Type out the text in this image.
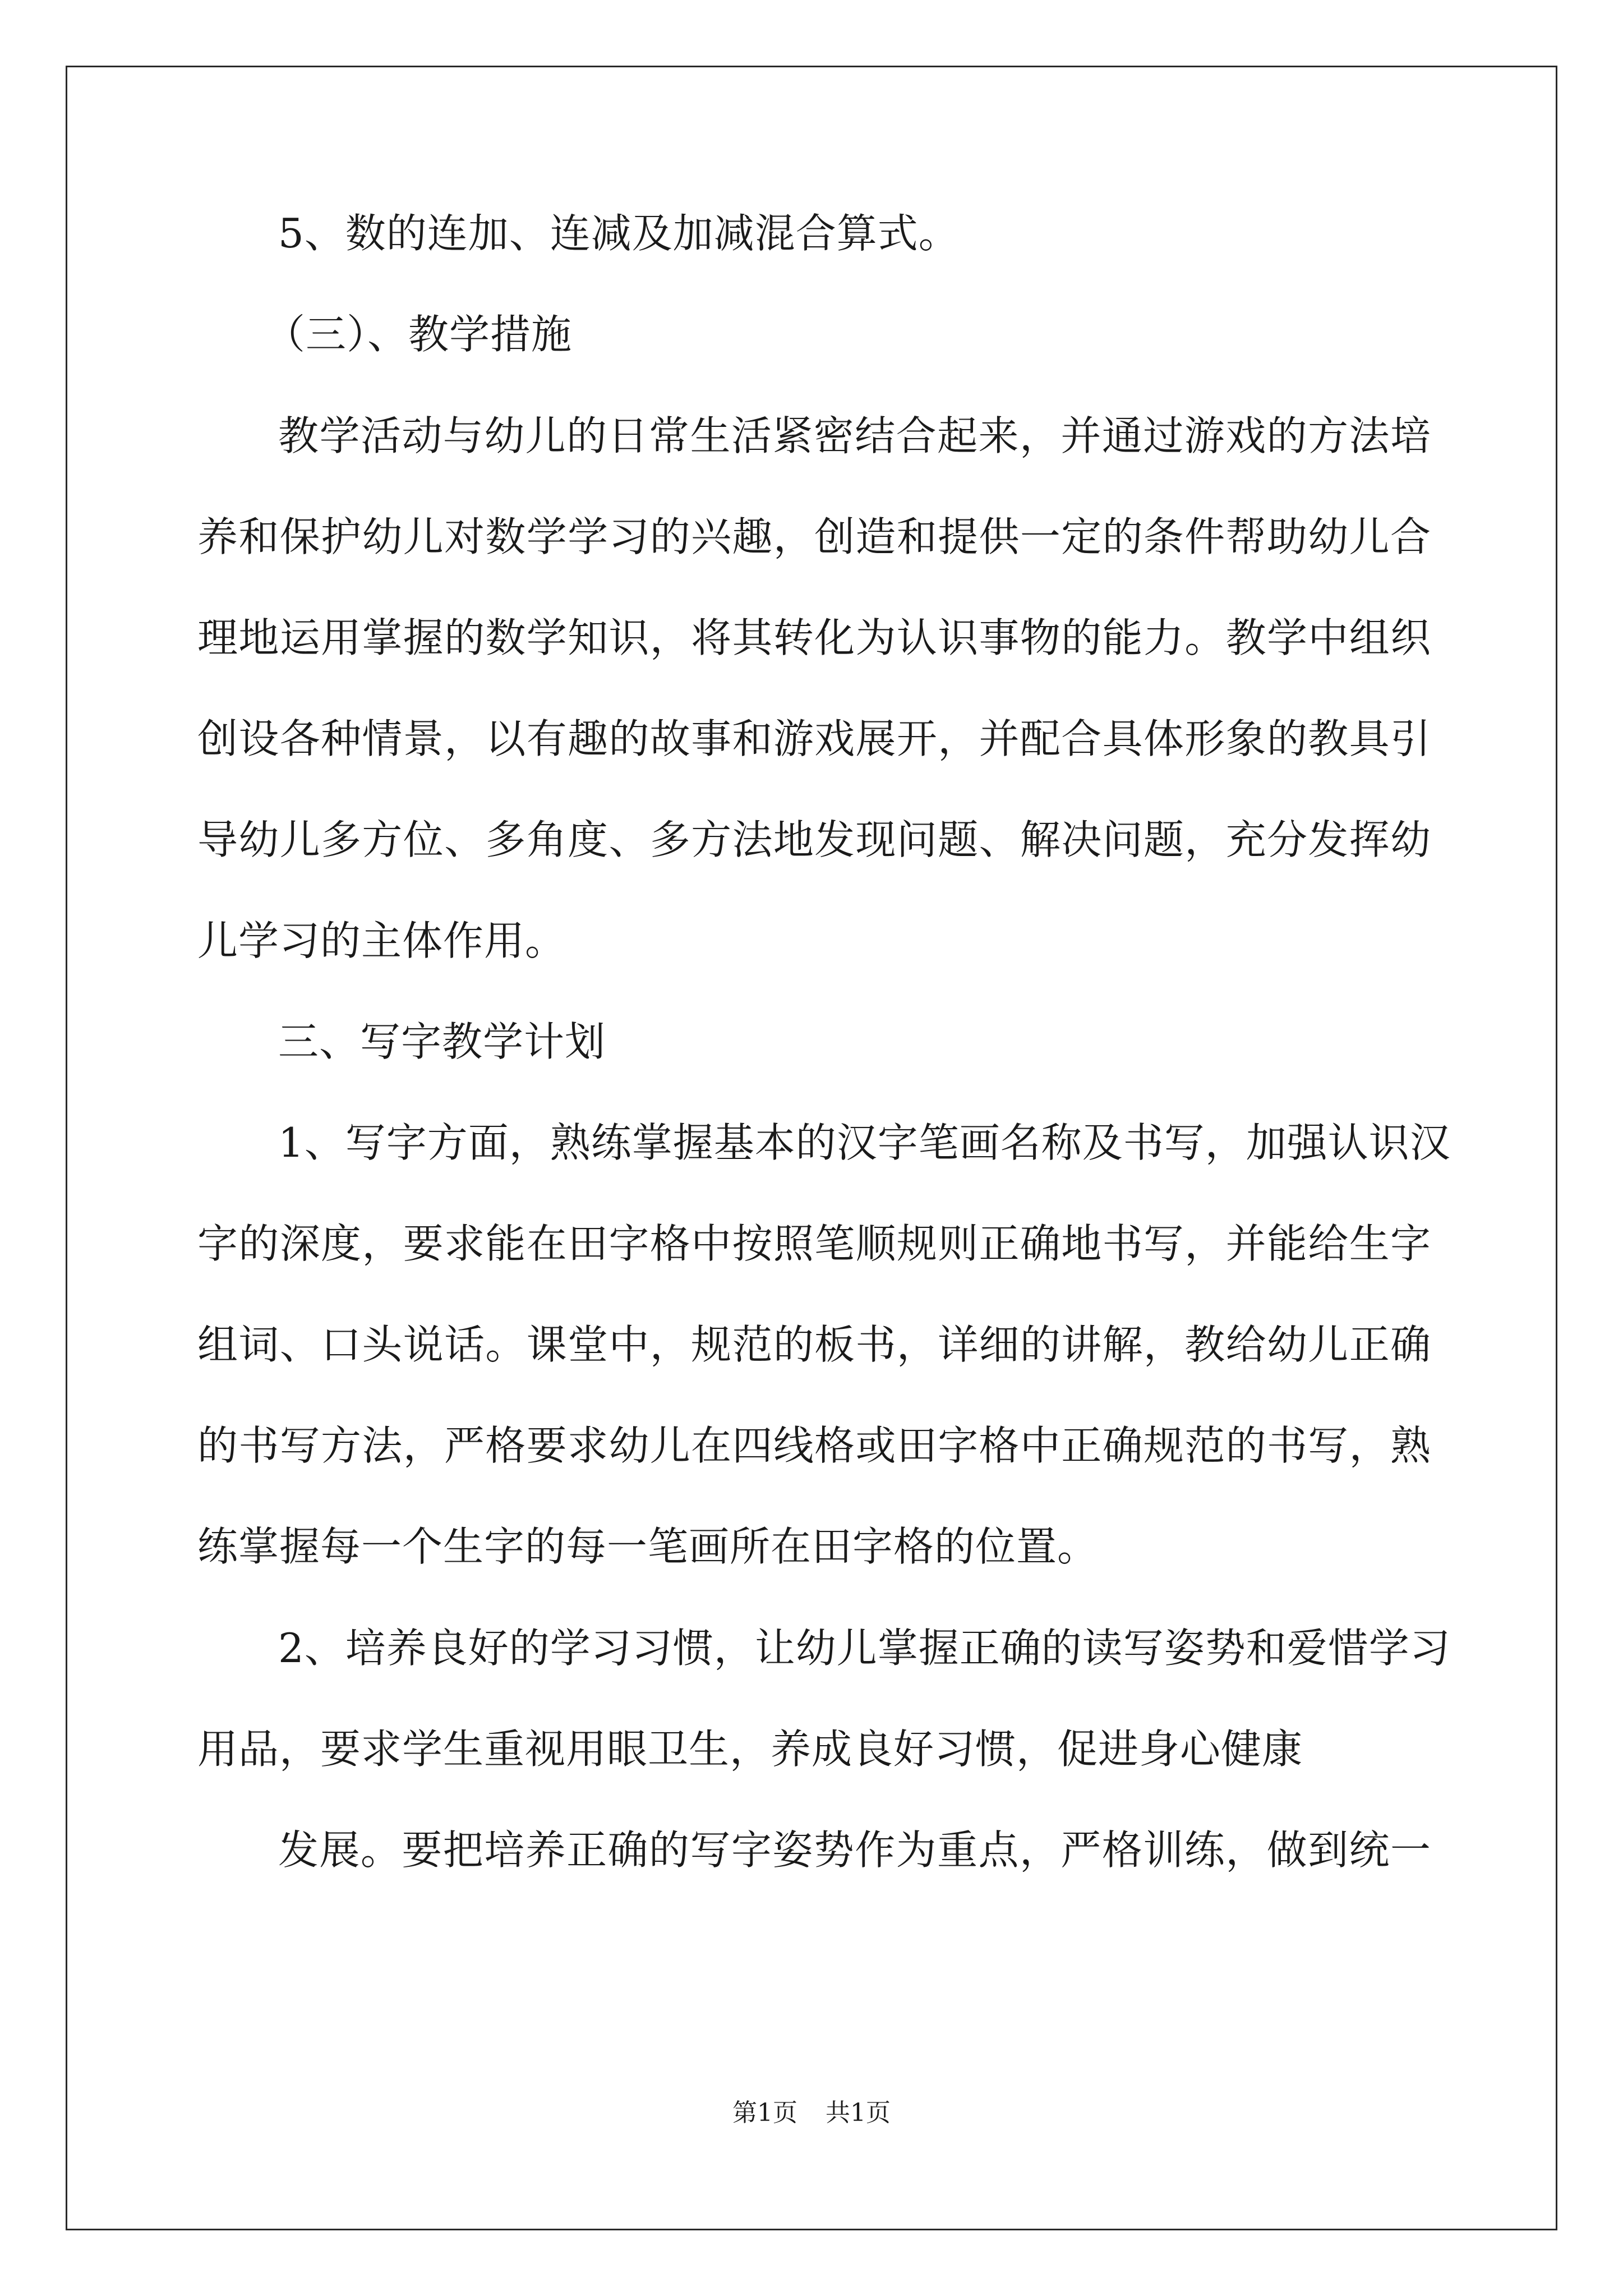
5、数的连加、连减及加减混合算式。
（三）、教学措施
教学活动与幼儿的日常生活紧密结合起来，并通过游戏的方法培
养和保护幼儿对数学学习的兴趣，创造和提供一定的条件帮助幼儿合
理地运用掌握的数学知识，将其转化为认识事物的能力。教学中组织
创设各种情景，以有趣的故事和游戏展开，并配合具体形象的教具引
导幼儿多方位、多角度、多方法地发现问题、解决问题，充分发挥幼
儿学习的主体作用。
三、写字教学计划
1、写字方面，熟练掌握基本的汉字笔画名称及书写，加强认识汉
字的深度，要求能在田字格中按照笔顺规则正确地书写，并能给生字
组词、口头说话。课堂中，规范的板书，详细的讲解，教给幼儿正确
的书写方法，严格要求幼儿在四线格或田字格中正确规范的书写，熟
练掌握每一个生字的每一笔画所在田字格的位置。
2、培养良好的学习习惯，让幼儿掌握正确的读写姿势和爱惜学习
用品，要求学生重视用眼卫生，养成良好习惯，促进身心健康
发展。要把培养正确的写字姿势作为重点，严格训练，做到统一
第1页 共1页
